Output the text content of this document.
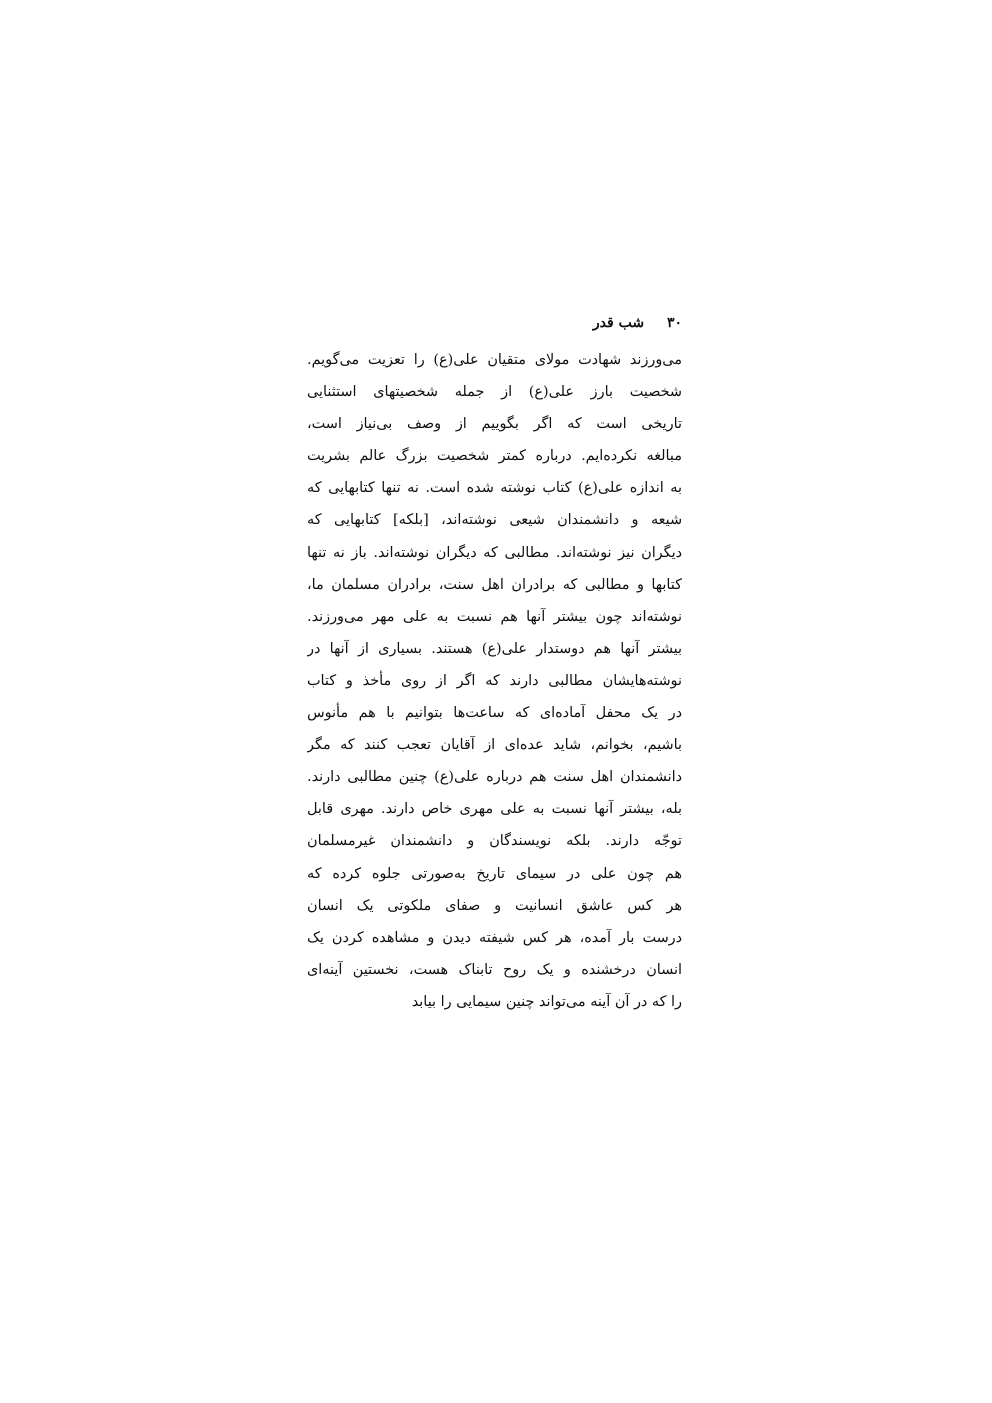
۳۰ شب قدر
می‌ورزند شهادت مولای متقیان علی(ع) را تعزیت می‌گویم.
شخصیت بارز علی(ع) از جمله شخصیتهای استثنایی
تاریخی است که اگر بگوییم از وصف بی‌نیاز است،
مبالغه نکرده‌ایم. درباره کمتر شخصیت بزرگ عالم بشریت
به اندازه علی(ع) کتاب نوشته شده است. نه تنها کتابهایی که
شیعه و دانشمندان شیعی نوشته‌اند، [بلکه] کتابهایی که
دیگران نیز نوشته‌اند. مطالبی که دیگران نوشته‌اند. باز نه تنها
کتابها و مطالبی که برادران اهل سنت، برادران مسلمان ما،
نوشته‌اند چون بیشتر آنها هم نسبت به علی مهر می‌ورزند.
بیشتر آنها هم دوستدار علی(ع) هستند. بسیاری از آنها در
نوشته‌هایشان مطالبی دارند که اگر از روی مأخذ و کتاب
در یک محفل آماده‌ای که ساعت‌ها بتوانیم با هم مأنوس
باشیم، بخوانم، شاید عده‌ای از آقایان تعجب کنند که مگر
دانشمندان اهل سنت هم درباره علی(ع) چنین مطالبی دارند.
بله، بیشتر آنها نسبت به علی مهری خاص دارند. مهری قابل
توجّه دارند. بلکه نویسندگان و دانشمندان غیرمسلمان
هم چون علی در سیمای تاریخ به‌صورتی جلوه کرده که
هر کس عاشق انسانیت و صفای ملکوتی یک انسان
درست بار آمده، هر کس شیفته دیدن و مشاهده کردن یک
انسان درخشنده و یک روح تابناک هست، نخستین آینه‌ای
را که در آن آینه می‌تواند چنین سیمایی را بیابد
